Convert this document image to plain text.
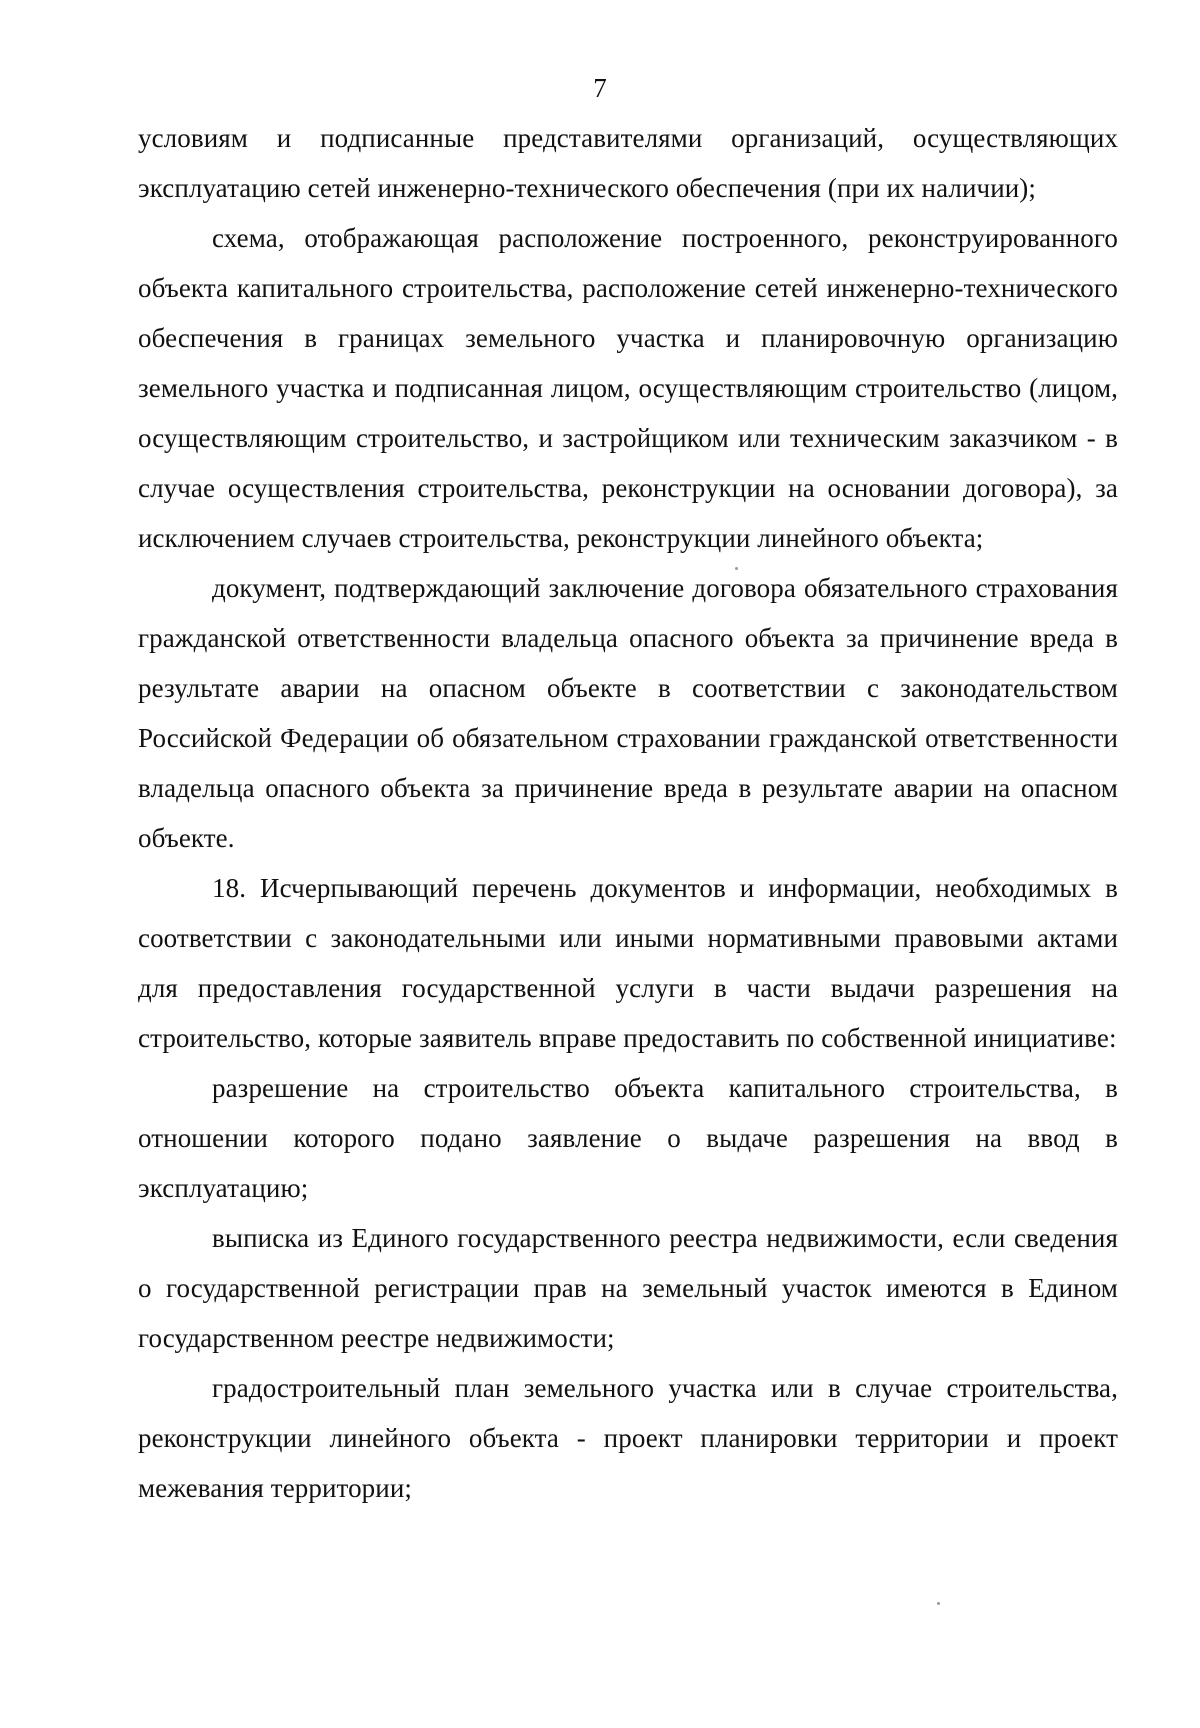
7

условиям и подписанные представителями организаций, осуществляющих эксплуатацию сетей инженерно-технического обеспечения (при их наличии);

схема, отображающая расположение построенного, реконструированного объекта капитального строительства, расположение сетей инженерно-технического обеспечения в границах земельного участка и планировочную организацию земельного участка и подписанная лицом, осуществляющим строительство (лицом, осуществляющим строительство, и застройщиком или техническим заказчиком - в случае осуществления строительства, реконструкции на основании договора), за исключением случаев строительства, реконструкции линейного объекта;

документ, подтверждающий заключение договора обязательного страхования гражданской ответственности владельца опасного объекта за причинение вреда в результате аварии на опасном объекте в соответствии с законодательством Российской Федерации об обязательном страховании гражданской ответственности владельца опасного объекта за причинение вреда в результате аварии на опасном объекте.

18. Исчерпывающий перечень документов и информации, необходимых в соответствии с законодательными или иными нормативными правовыми актами для предоставления государственной услуги в части выдачи разрешения на строительство, которые заявитель вправе предоставить по собственной инициативе:

разрешение на строительство объекта капитального строительства, в отношении которого подано заявление о выдаче разрешения на ввод в эксплуатацию;

выписка из Единого государственного реестра недвижимости, если сведения о государственной регистрации прав на земельный участок имеются в Едином государственном реестре недвижимости;

градостроительный план земельного участка или в случае строительства, реконструкции линейного объекта - проект планировки территории и проект межевания территории;
